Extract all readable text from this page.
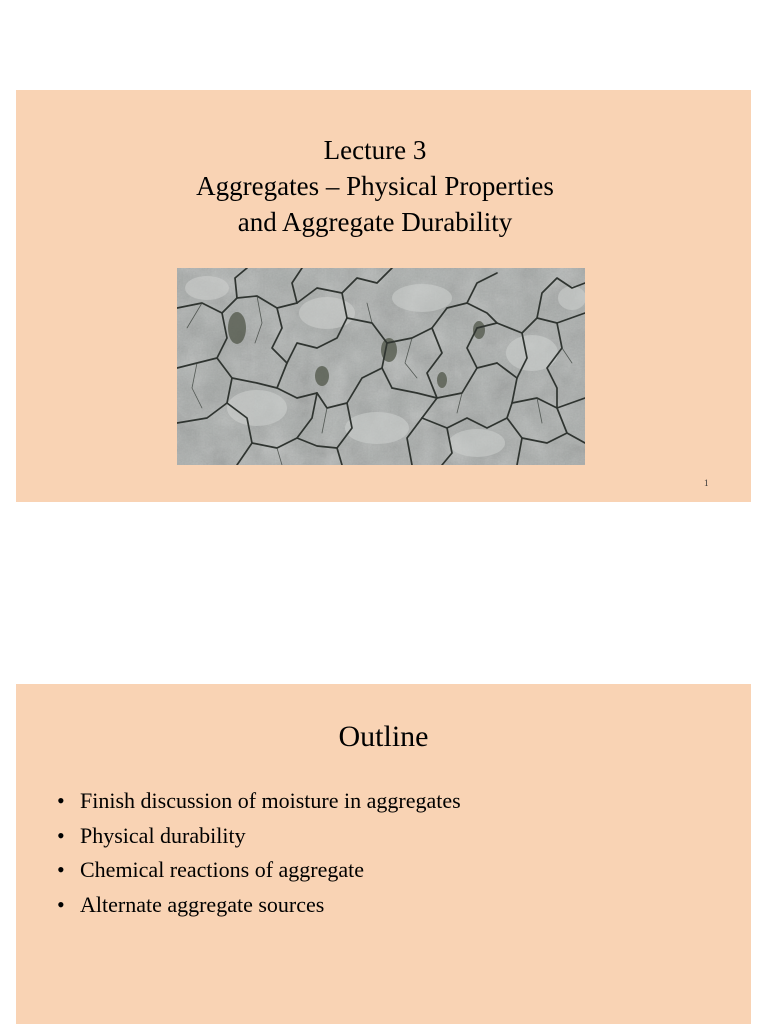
Lecture 3
Aggregates – Physical Properties
and Aggregate Durability
1
Outline
• Finish discussion of moisture in aggregates
• Physical durability
• Chemical reactions of aggregate
• Alternate aggregate sources
